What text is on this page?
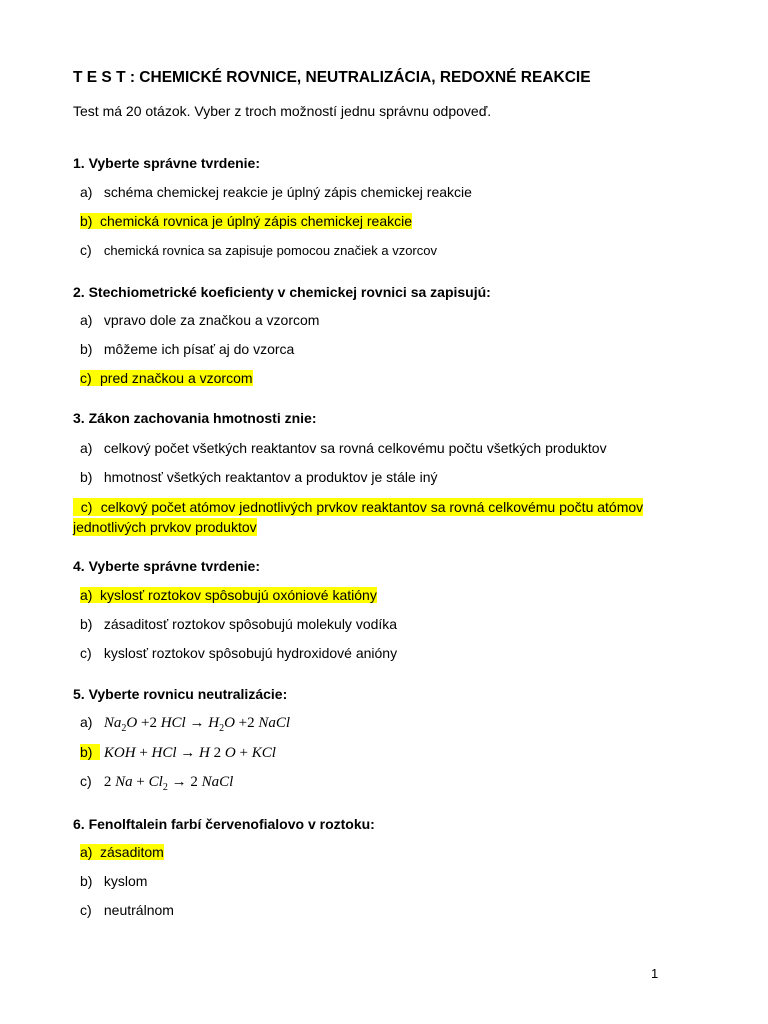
T E S T : CHEMICKÉ ROVNICE, NEUTRALIZÁCIA, REDOXNÉ REAKCIE
Test má 20 otázok. Vyber z troch možností jednu správnu odpoveď.
1. Vyberte správne tvrdenie:
a) schéma chemickej reakcie je úplný zápis chemickej reakcie
b) chemická rovnica je úplný zápis chemickej reakcie
c) chemická rovnica sa zapisuje pomocou značiek a vzorcov
2. Stechiometrické koeficienty v chemickej rovnici sa zapisujú:
a) vpravo dole za značkou a vzorcom
b) môžeme ich písať aj do vzorca
c) pred značkou a vzorcom
3. Zákon zachovania hmotnosti znie:
a) celkový počet všetkých reaktantov sa rovná celkovému počtu všetkých produktov
b) hmotnosť všetkých reaktantov a produktov je stále iný
c) celkový počet atómov jednotlivých prvkov reaktantov sa rovná celkovému počtu atómov
jednotlivých prvkov produktov
4. Vyberte správne tvrdenie:
a) kyslosť roztokov spôsobujú oxóniové katióny
b) zásaditosť roztokov spôsobujú molekuly vodíka
c) kyslosť roztokov spôsobujú hydroxidové anióny
5. Vyberte rovnicu neutralizácie:
a) $Na_2O +2$ HCl → $H_2O +2$ NaCl
b) KOH + HCl → H 2 O + KCl
c) 2 $Na + Cl_2 \to 2$ NaCl
6. Fenolftalein farbí červenofialovo v roztoku:
a) zásaditom
b) kyslom
c) neutrálnom
1
